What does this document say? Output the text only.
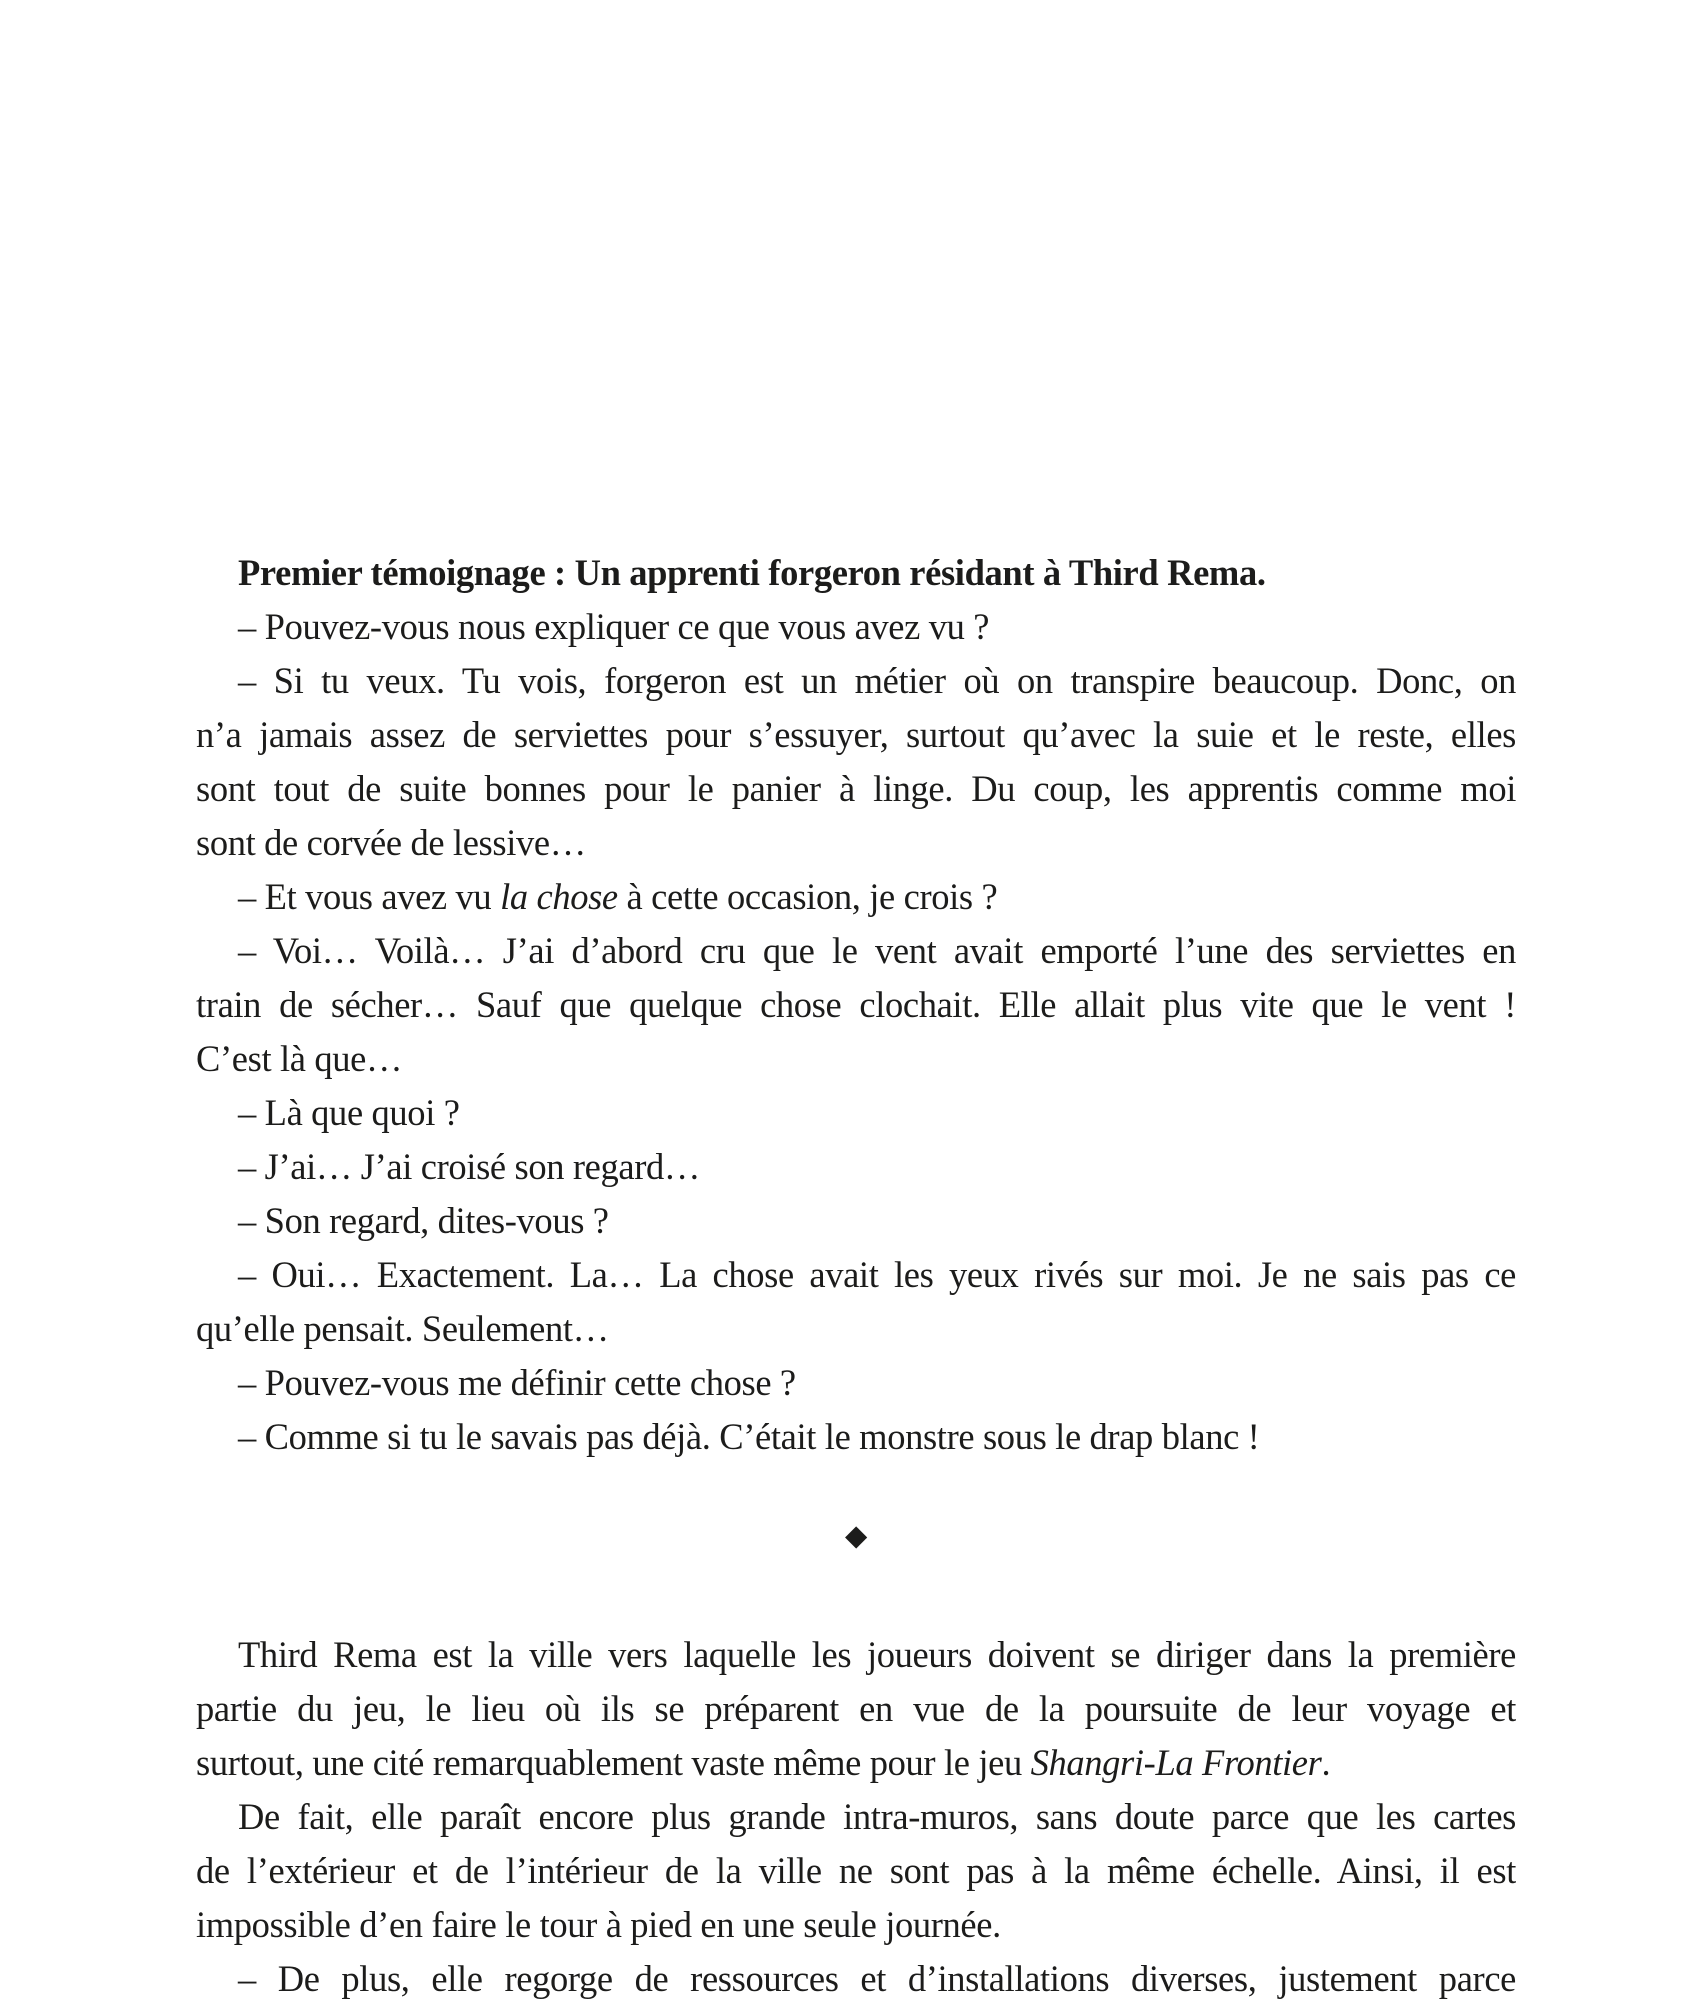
Premier témoignage : Un apprenti forgeron résidant à Third Rema.
– Pouvez-vous nous expliquer ce que vous avez vu ?
– Si tu veux. Tu vois, forgeron est un métier où on transpire beaucoup. Donc, on
n’a jamais assez de serviettes pour s’essuyer, surtout qu’avec la suie et le reste, elles
sont tout de suite bonnes pour le panier à linge. Du coup, les apprentis comme moi
sont de corvée de lessive…
– Et vous avez vu la chose à cette occasion, je crois ?
– Voi… Voilà… J’ai d’abord cru que le vent avait emporté l’une des serviettes en
train de sécher… Sauf que quelque chose clochait. Elle allait plus vite que le vent !
C’est là que…
– Là que quoi ?
– J’ai… J’ai croisé son regard…
– Son regard, dites-vous ?
– Oui… Exactement. La… La chose avait les yeux rivés sur moi. Je ne sais pas ce
qu’elle pensait. Seulement…
– Pouvez-vous me définir cette chose ?
– Comme si tu le savais pas déjà. C’était le monstre sous le drap blanc !
◆
Third Rema est la ville vers laquelle les joueurs doivent se diriger dans la première
partie du jeu, le lieu où ils se préparent en vue de la poursuite de leur voyage et
surtout, une cité remarquablement vaste même pour le jeu Shangri-La Frontier.
De fait, elle paraît encore plus grande intra-muros, sans doute parce que les cartes
de l’extérieur et de l’intérieur de la ville ne sont pas à la même échelle. Ainsi, il est
impossible d’en faire le tour à pied en une seule journée.
– De plus, elle regorge de ressources et d’installations diverses, justement parce
